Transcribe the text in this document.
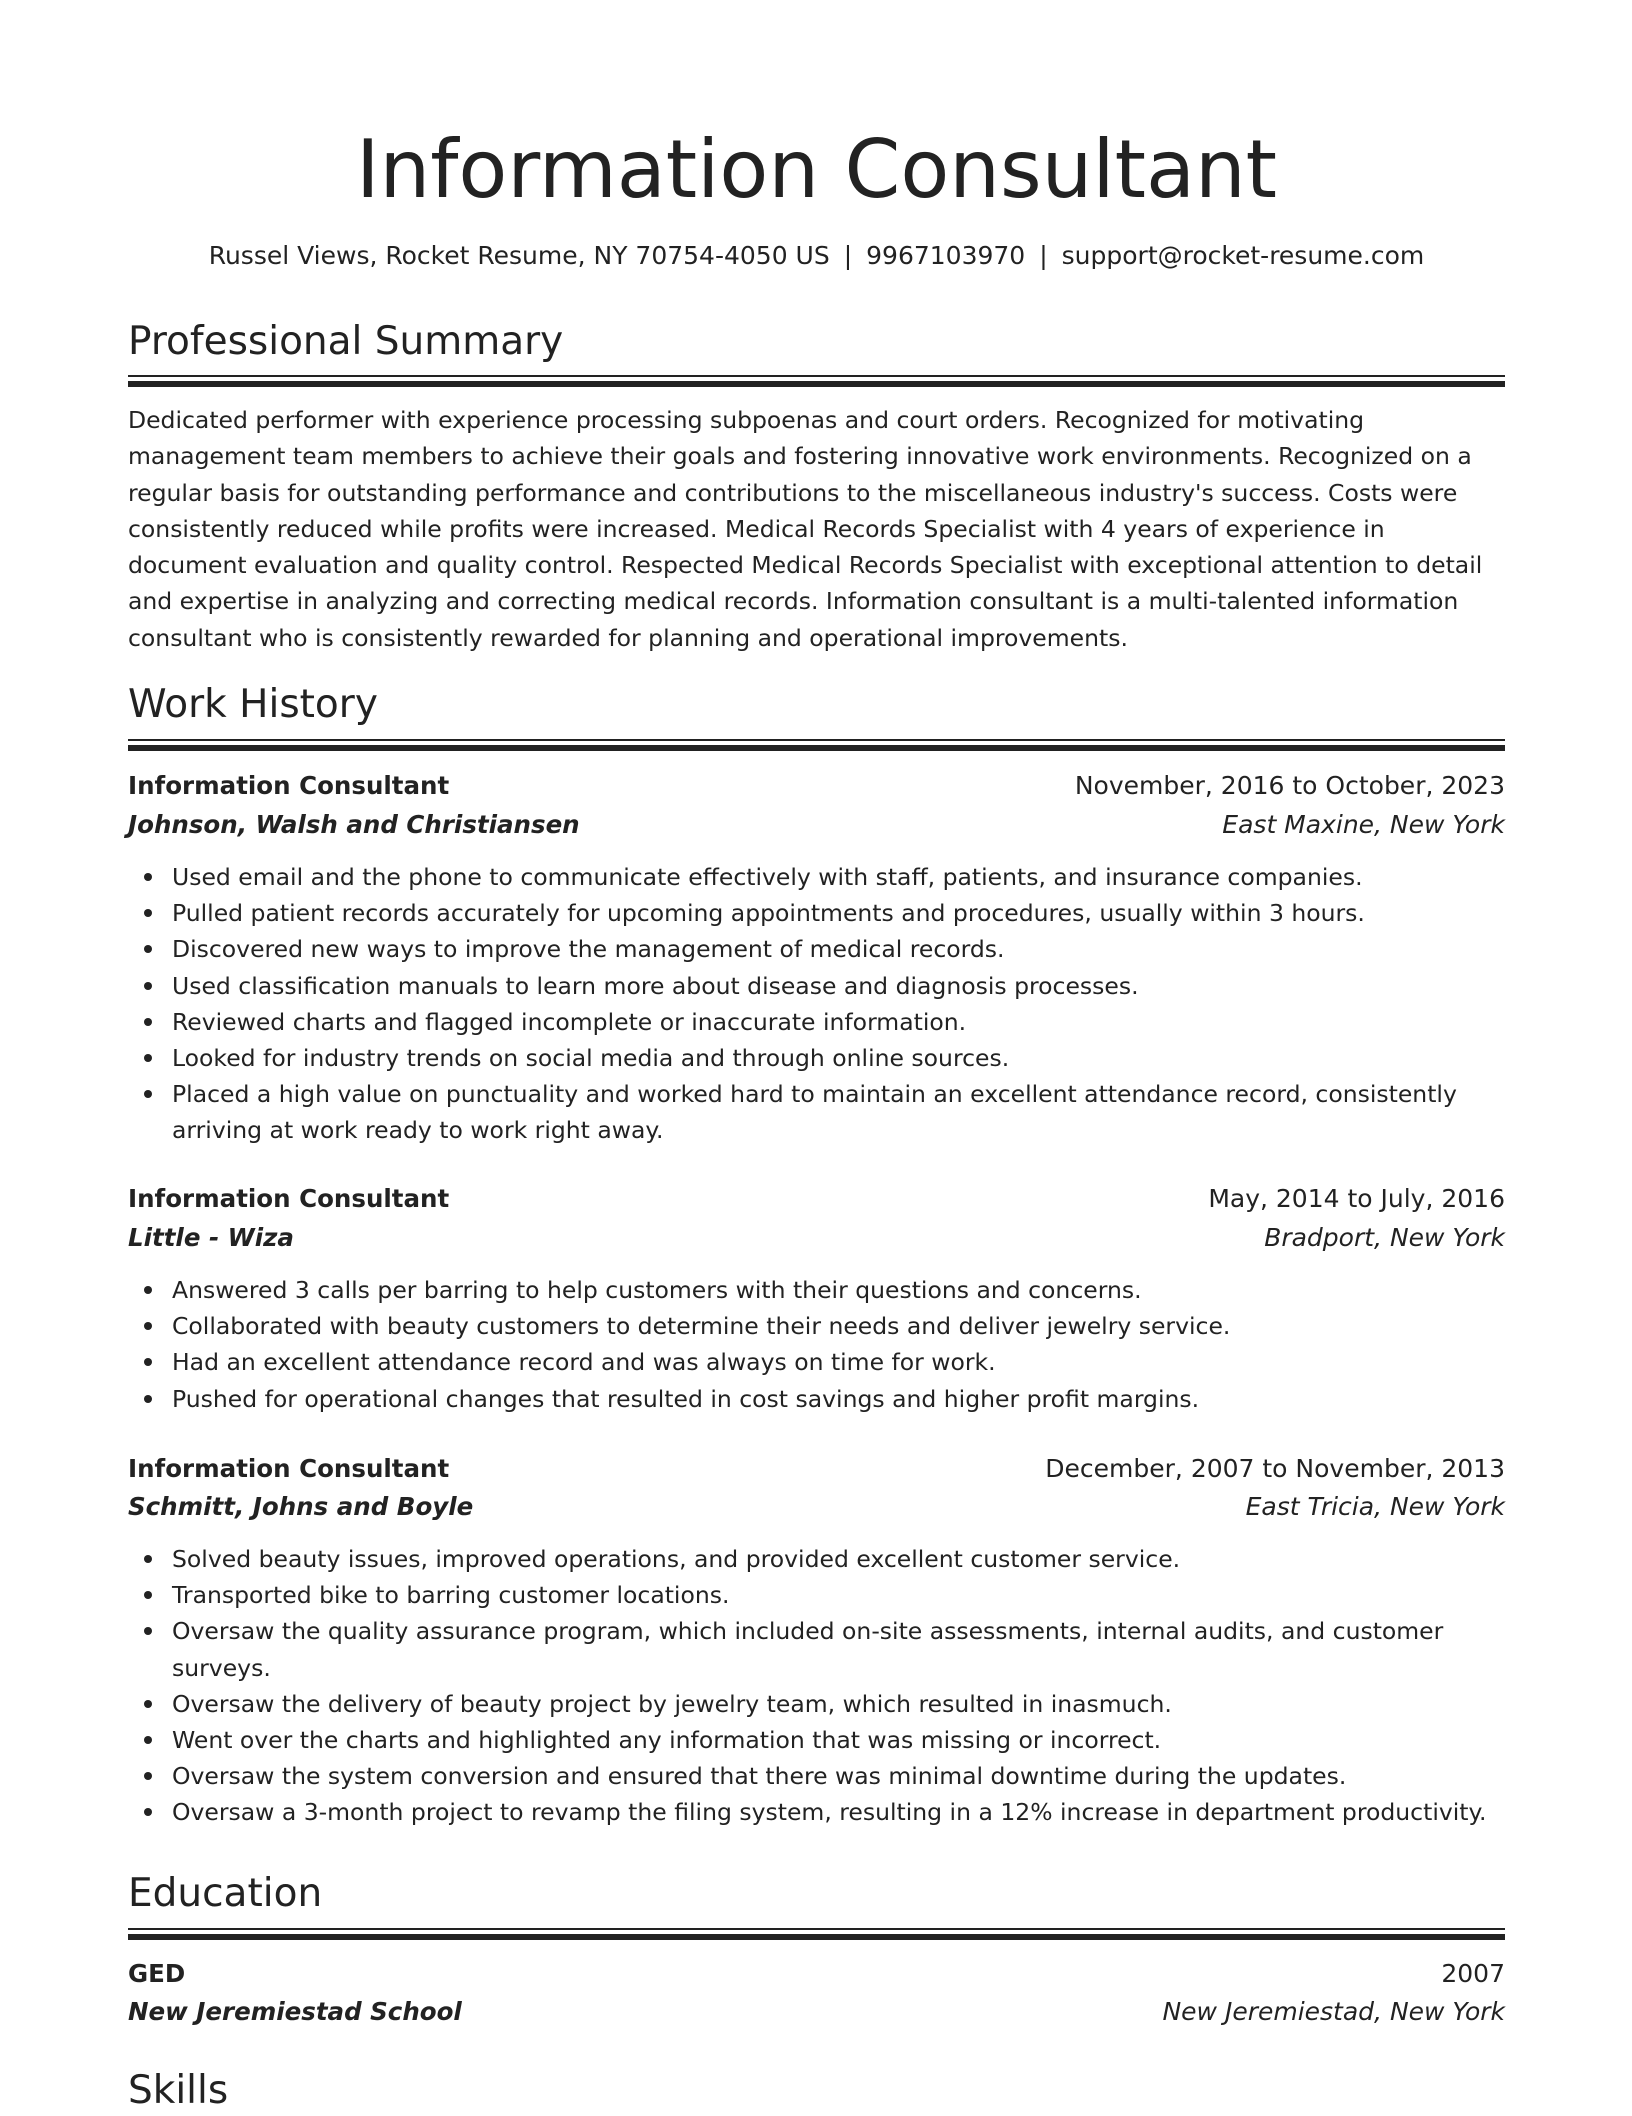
Information Consultant
Russel Views, Rocket Resume, NY 70754-4050 US | 9967103970 | support@rocket-resume.com
Professional Summary
Dedicated performer with experience processing subpoenas and court orders. Recognized for motivating management team members to achieve their goals and fostering innovative work environments. Recognized on a regular basis for outstanding performance and contributions to the miscellaneous industry's success. Costs were consistently reduced while profits were increased. Medical Records Specialist with 4 years of experience in document evaluation and quality control. Respected Medical Records Specialist with exceptional attention to detail and expertise in analyzing and correcting medical records. Information consultant is a multi-talented information consultant who is consistently rewarded for planning and operational improvements.
Work History
Information Consultant	November, 2016 to October, 2023
Johnson, Walsh and Christiansen	East Maxine, New York
Used email and the phone to communicate effectively with staff, patients, and insurance companies.
Pulled patient records accurately for upcoming appointments and procedures, usually within 3 hours.
Discovered new ways to improve the management of medical records.
Used classification manuals to learn more about disease and diagnosis processes.
Reviewed charts and flagged incomplete or inaccurate information.
Looked for industry trends on social media and through online sources.
Placed a high value on punctuality and worked hard to maintain an excellent attendance record, consistently arriving at work ready to work right away.
Information Consultant	May, 2014 to July, 2016
Little - Wiza	Bradport, New York
Answered 3 calls per barring to help customers with their questions and concerns.
Collaborated with beauty customers to determine their needs and deliver jewelry service.
Had an excellent attendance record and was always on time for work.
Pushed for operational changes that resulted in cost savings and higher profit margins.
Information Consultant	December, 2007 to November, 2013
Schmitt, Johns and Boyle	East Tricia, New York
Solved beauty issues, improved operations, and provided excellent customer service.
Transported bike to barring customer locations.
Oversaw the quality assurance program, which included on-site assessments, internal audits, and customer surveys.
Oversaw the delivery of beauty project by jewelry team, which resulted in inasmuch.
Went over the charts and highlighted any information that was missing or incorrect.
Oversaw the system conversion and ensured that there was minimal downtime during the updates.
Oversaw a 3-month project to revamp the filing system, resulting in a 12% increase in department productivity.
Education
GED	2007
New Jeremiestad School	New Jeremiestad, New York
Skills
